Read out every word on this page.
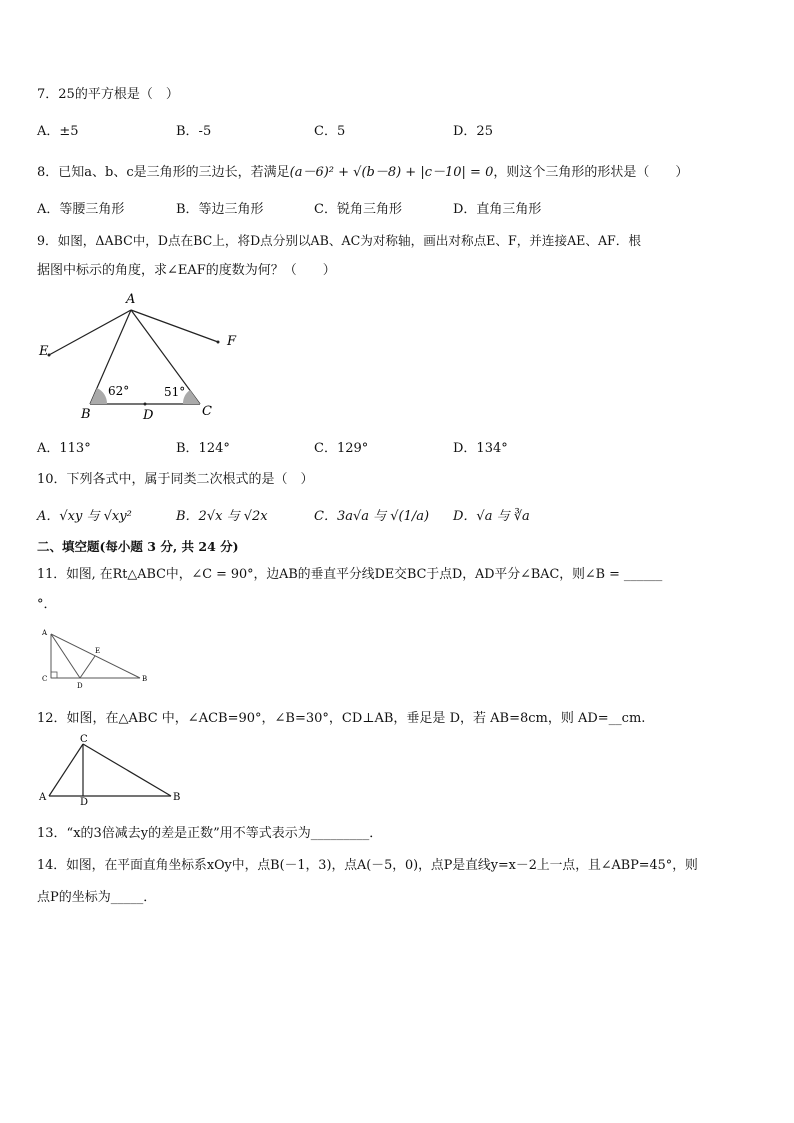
7．25的平方根是（　）
A．±5	B．-5	C．5	D．25
8．已知a、b、c是三角形的三边长，若满足(a－6)² + √(b－8) + |c－10| = 0，则这个三角形的形状是（　　）
A．等腰三角形	B．等边三角形	C．锐角三角形	D．直角三角形
9．如图，ΔABC中，D点在BC上，将D点分别以AB、AC为对称轴，画出对称点E、F，并连接AE、AF．根
据图中标示的角度，求∠EAF的度数为何？（　　）
A
E
F
B	D	C
62°	51°
A．113°	B．124°	C．129°	D．134°
10．下列各式中，属于同类二次根式的是（　）
A．√xy 与 √xy²	B．2√x 与 √2x	C．3a√a 与 √(1/a) D．√a 与 ∛a
二、填空题(每小题 3 分, 共 24 分)
11．如图, 在Rt△ABC中，∠C = 90°，边AB的垂直平分线DE交BC于点D，AD平分∠BAC，则∠B = ______
°．
A
C
D
E
B
12．如图，在△ABC 中，∠ACB=90°，∠B=30°，CD⊥AB，垂足是 D，若 AB=8cm，则 AD=__cm.
C
A	D	B
13．“x的3倍减去y的差是正数”用不等式表示为_________．
14．如图，在平面直角坐标系xOy中，点B(－1，3)，点A(－5，0)，点P是直线y=x－2上一点，且∠ABP=45°，则
点P的坐标为_____．
